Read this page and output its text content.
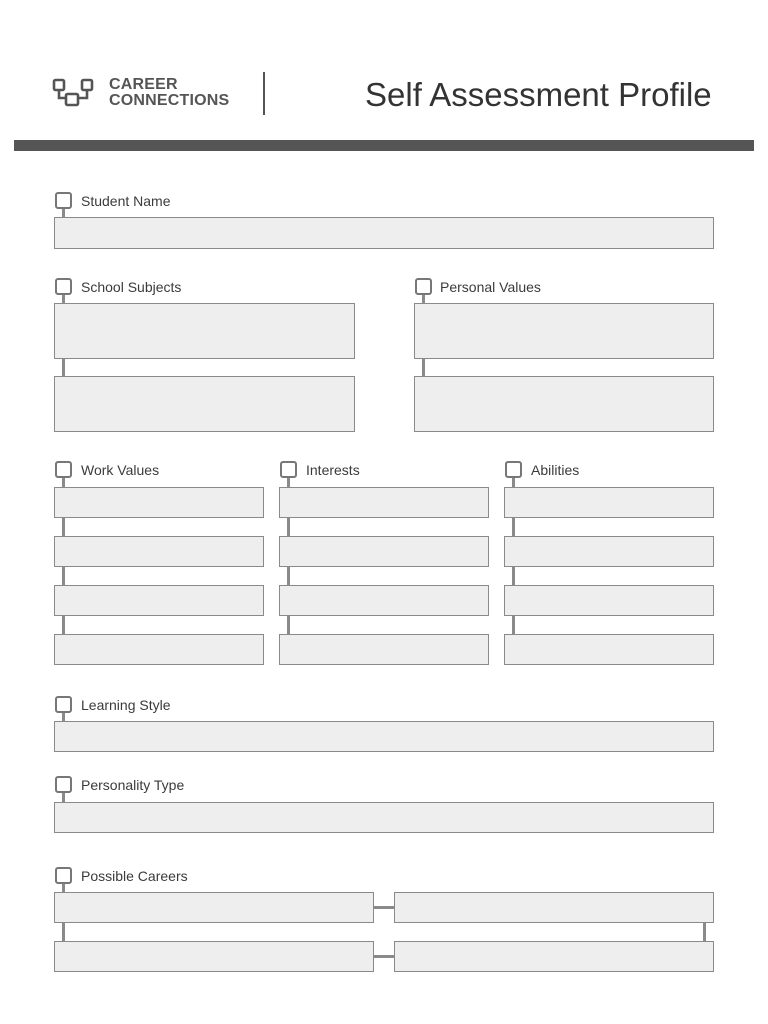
CAREER
CONNECTIONS	Self Assessment Profile
Student Name
School Subjects	Personal Values
Work Values	Interests	Abilities
Learning Style
Personality Type
Possible Careers
